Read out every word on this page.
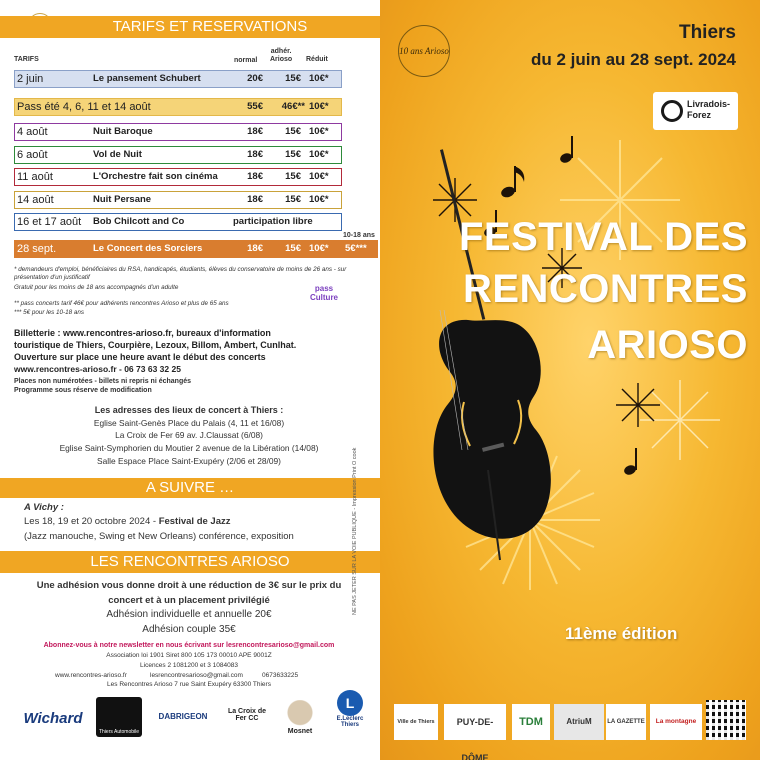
TARIFS ET RESERVATIONS
TARIFS	normal
adhér.
Arioso Réduit
2 juin	Le pansement Schubert	20€	15€ 10€*
Pass été 4, 6, 11 et 14 août	55€	46€** 10€*
4 août	Nuit Baroque	18€	15€ 10€*
6 août	Vol de Nuit	18€	15€ 10€*
11 août	L'Orchestre fait son cinéma	18€	15€ 10€*
14 août	Nuit Persane	18€	15€ 10€*
16 et 17 août Bob Chilcott and Co	participation libre
10-18 ans
28 sept.	Le Concert des Sorciers	18€	15€ 10€* 5€***
* demandeurs d'emploi, bénéficiaires du RSA, handicapés, étudiants, élèves du conservatoire de moins de 26 ans - sur présentation d'un justificatif
Gratuit pour les moins de 18 ans accompagnés d'un adulte
** pass concerts tarif 46€ pour adhérents rencontres Arioso et plus de 65 ans
*** 5€ pour les 10-18 ans
pass Culture
Billetterie : www.rencontres-arioso.fr, bureaux d'information
touristique de Thiers, Courpière, Lezoux, Billom, Ambert, Cunlhat.
Ouverture sur place une heure avant le début des concerts
www.rencontres-arioso.fr - 06 73 63 32 25
Places non numérotées - billets ni repris ni échangés
Programme sous réserve de modification
Les adresses des lieux de concert à Thiers :
Eglise Saint-Genès Place du Palais (4, 11 et 16/08)
La Croix de Fer 69 av. J.Claussat (6/08)
Eglise Saint-Symphorien du Moutier 2 avenue de la Libération (14/08)
Salle Espace Place Saint-Exupéry (2/06 et 28/09)
A SUIVRE …
A Vichy :
Les 18, 19 et 20 octobre 2024 - Festival de Jazz
(Jazz manouche, Swing et New Orleans) conférence, exposition
LES RENCONTRES ARIOSO
Une adhésion vous donne droit à une réduction de 3€ sur le prix du
concert et à un placement privilégié
Adhésion individuelle et annuelle 20€
Adhésion couple 35€
Abonnez-vous à notre newsletter en nous écrivant sur lesrencontresarioso@gmail.com
Association loi 1901 Siret 800 105 173 00010 APE 9001Z
Licences 2 1081200 et 3 1084083
www.rencontres-arioso.fr	lesrencontresarioso@gmail.com	0673633225
Les Rencontres Arioso 7 rue Saint Exupéry 63300 Thiers
Wichard
Thiers Automobile
DABRIGEON
La Croix de Fer CC
Mosnet
L
E.Leclerc Thiers
NE PAS JETER SUR LA VOIE PUBLIQUE - Impression Print O cook
10 ans Arioso
Thiers
du 2 juin au 28 sept. 2024
Livradois-Forez
FESTIVAL DES
RENCONTRES
ARIOSO
11ème édition
Ville de Thiers	PUY-DE-DÔME
TDM	AtriuM	LA GAZETTE	La montagne
